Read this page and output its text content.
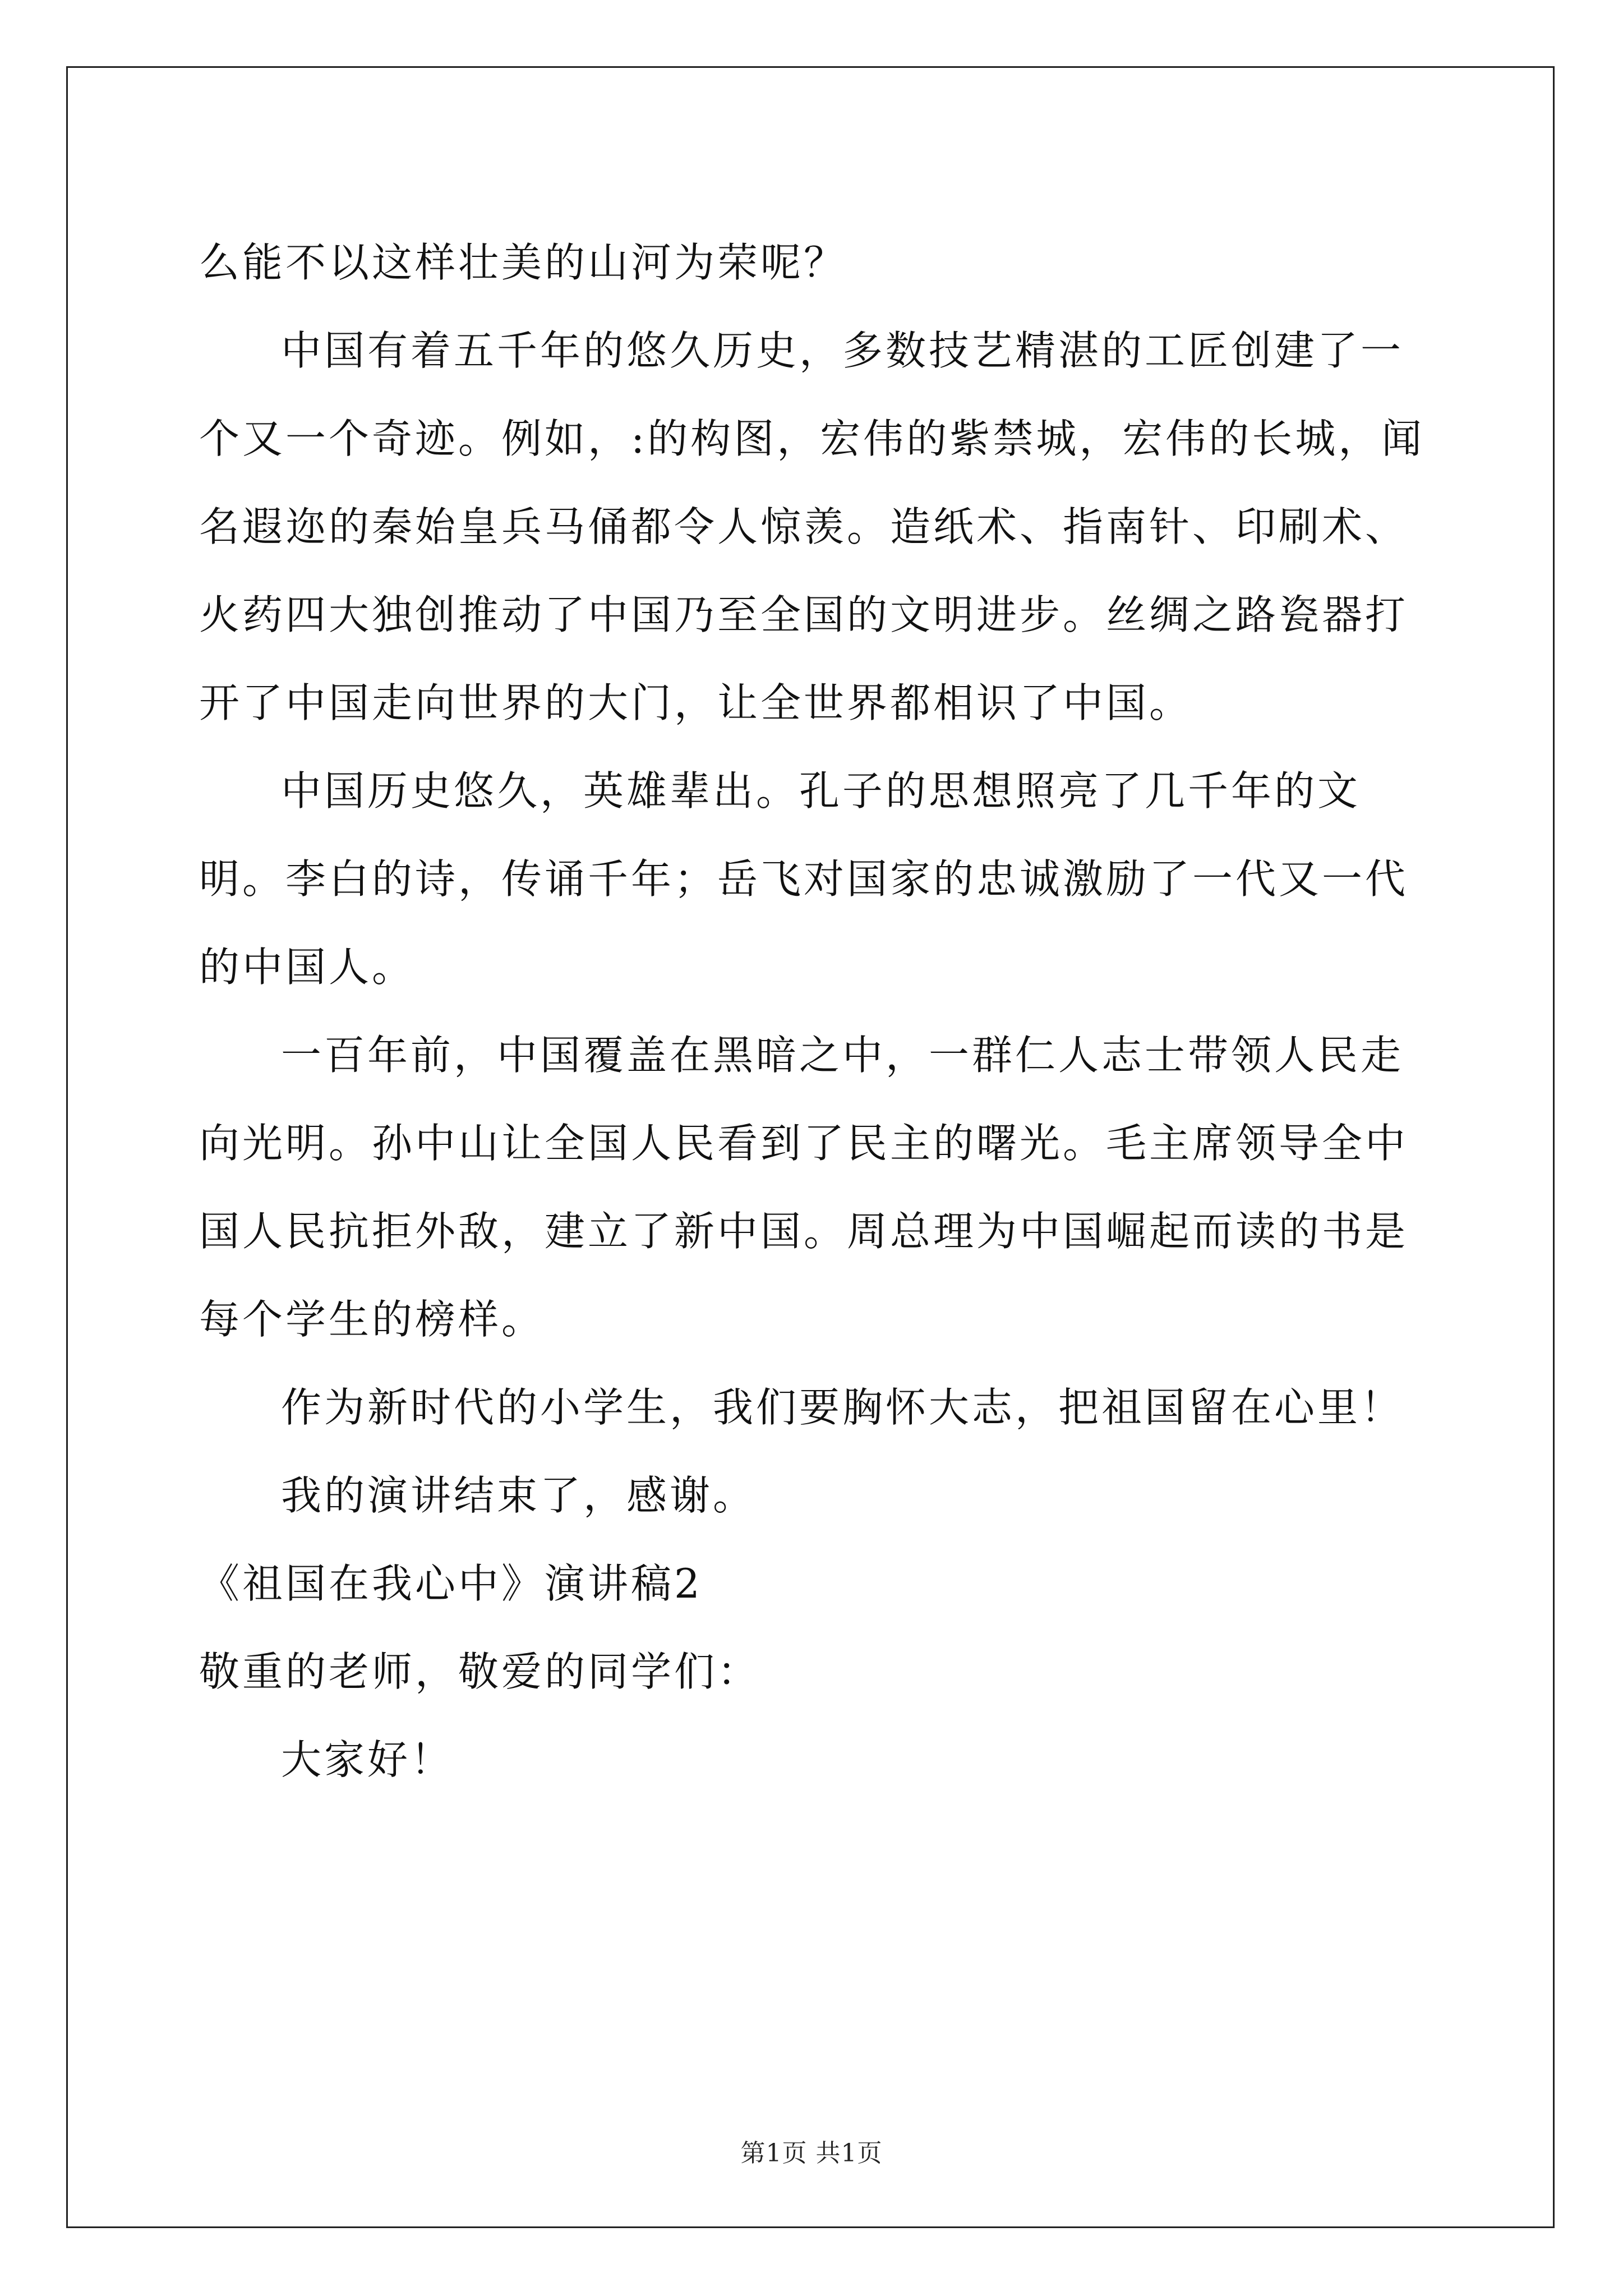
么能不以这样壮美的山河为荣呢？

中国有着五千年的悠久历史，多数技艺精湛的工匠创建了一个又一个奇迹。例如，:的构图，宏伟的紫禁城，宏伟的长城，闻名遐迩的秦始皇兵马俑都令人惊羡。造纸术、指南针、印刷术、火药四大独创推动了中国乃至全国的文明进步。丝绸之路瓷器打开了中国走向世界的大门，让全世界都相识了中国。

中国历史悠久，英雄辈出。孔子的思想照亮了几千年的文明。李白的诗，传诵千年；岳飞对国家的忠诚激励了一代又一代的中国人。

一百年前，中国覆盖在黑暗之中，一群仁人志士带领人民走向光明。孙中山让全国人民看到了民主的曙光。毛主席领导全中国人民抗拒外敌，建立了新中国。周总理为中国崛起而读的书是每个学生的榜样。

作为新时代的小学生，我们要胸怀大志，把祖国留在心里！

我的演讲结束了，感谢。

《祖国在我心中》演讲稿2

敬重的老师，敬爱的同学们：

大家好！

第1页 共1页
